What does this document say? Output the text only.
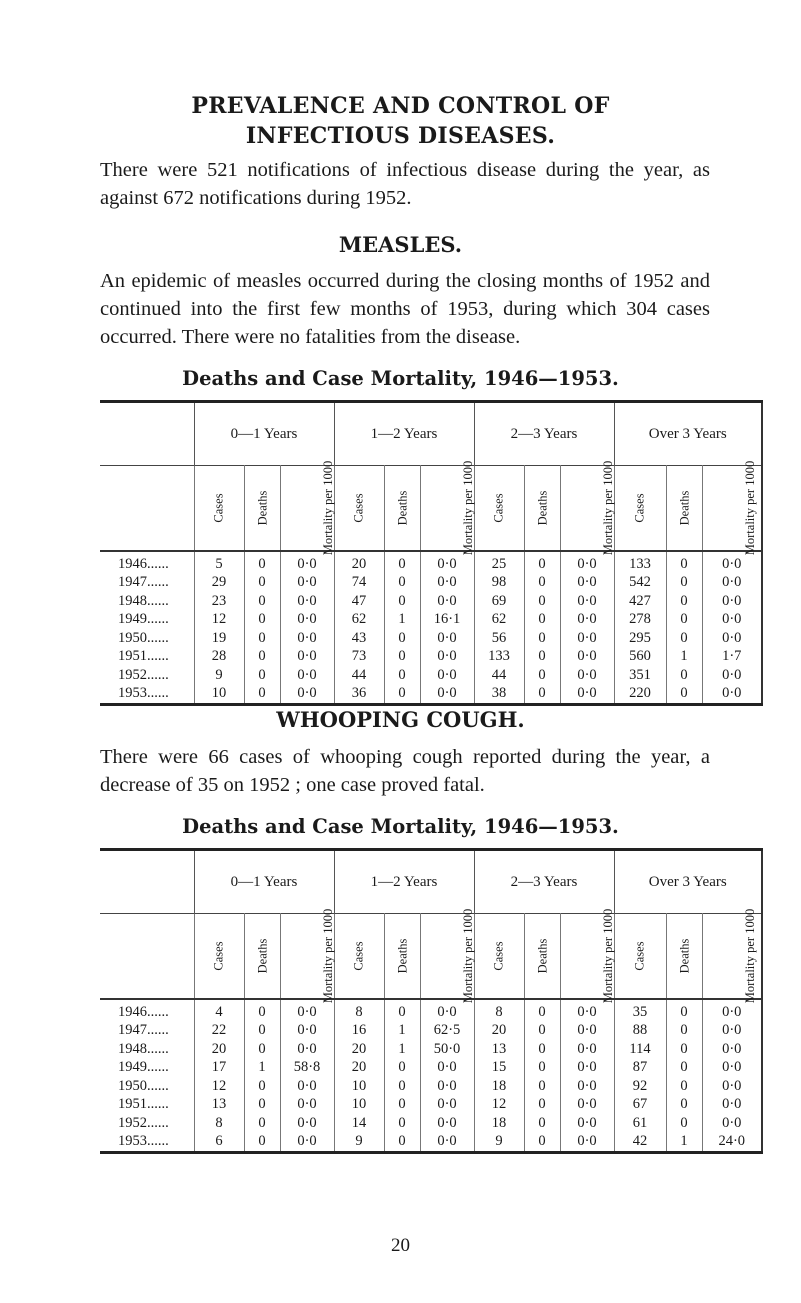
PREVALENCE AND CONTROL OF
INFECTIOUS DISEASES.
There were 521 notifications of infectious disease during the year, as against 672 notifications during 1952.
MEASLES.
An epidemic of measles occurred during the closing months of 1952 and continued into the first few months of 1953, during which 304 cases occurred. There were no fatalities from the disease.
Deaths and Case Mortality, 1946—1953.
	0—1 Years			1—2 Years			2—3 Years			Over 3 Years		
	Cases	Deaths	Mortality per 1000	Cases	Deaths	Mortality per 1000	Cases	Deaths	Mortality per 1000	Cases	Deaths	Mortality per 1000
1946......	5	0	0·0	20	0	0·0	25	0	0·0	133	0	0·0
1947......	29	0	0·0	74	0	0·0	98	0	0·0	542	0	0·0
1948......	23	0	0·0	47	0	0·0	69	0	0·0	427	0	0·0
1949......	12	0	0·0	62	1	16·1	62	0	0·0	278	0	0·0
1950......	19	0	0·0	43	0	0·0	56	0	0·0	295	0	0·0
1951......	28	0	0·0	73	0	0·0	133	0	0·0	560	1	1·7
1952......	9	0	0·0	44	0	0·0	44	0	0·0	351	0	0·0
1953......	10	0	0·0	36	0	0·0	38	0	0·0	220	0	0·0
WHOOPING COUGH.
There were 66 cases of whooping cough reported during the year, a decrease of 35 on 1952 ; one case proved fatal.
Deaths and Case Mortality, 1946—1953.
	0—1 Years			1—2 Years			2—3 Years			Over 3 Years		
	Cases	Deaths	Mortality per 1000	Cases	Deaths	Mortality per 1000	Cases	Deaths	Mortality per 1000	Cases	Deaths	Mortality per 1000
1946......	4	0	0·0	8	0	0·0	8	0	0·0	35	0	0·0
1947......	22	0	0·0	16	1	62·5	20	0	0·0	88	0	0·0
1948......	20	0	0·0	20	1	50·0	13	0	0·0	114	0	0·0
1949......	17	1	58·8	20	0	0·0	15	0	0·0	87	0	0·0
1950......	12	0	0·0	10	0	0·0	18	0	0·0	92	0	0·0
1951......	13	0	0·0	10	0	0·0	12	0	0·0	67	0	0·0
1952......	8	0	0·0	14	0	0·0	18	0	0·0	61	0	0·0
1953......	6	0	0·0	9	0	0·0	9	0	0·0	42	1	24·0
20
